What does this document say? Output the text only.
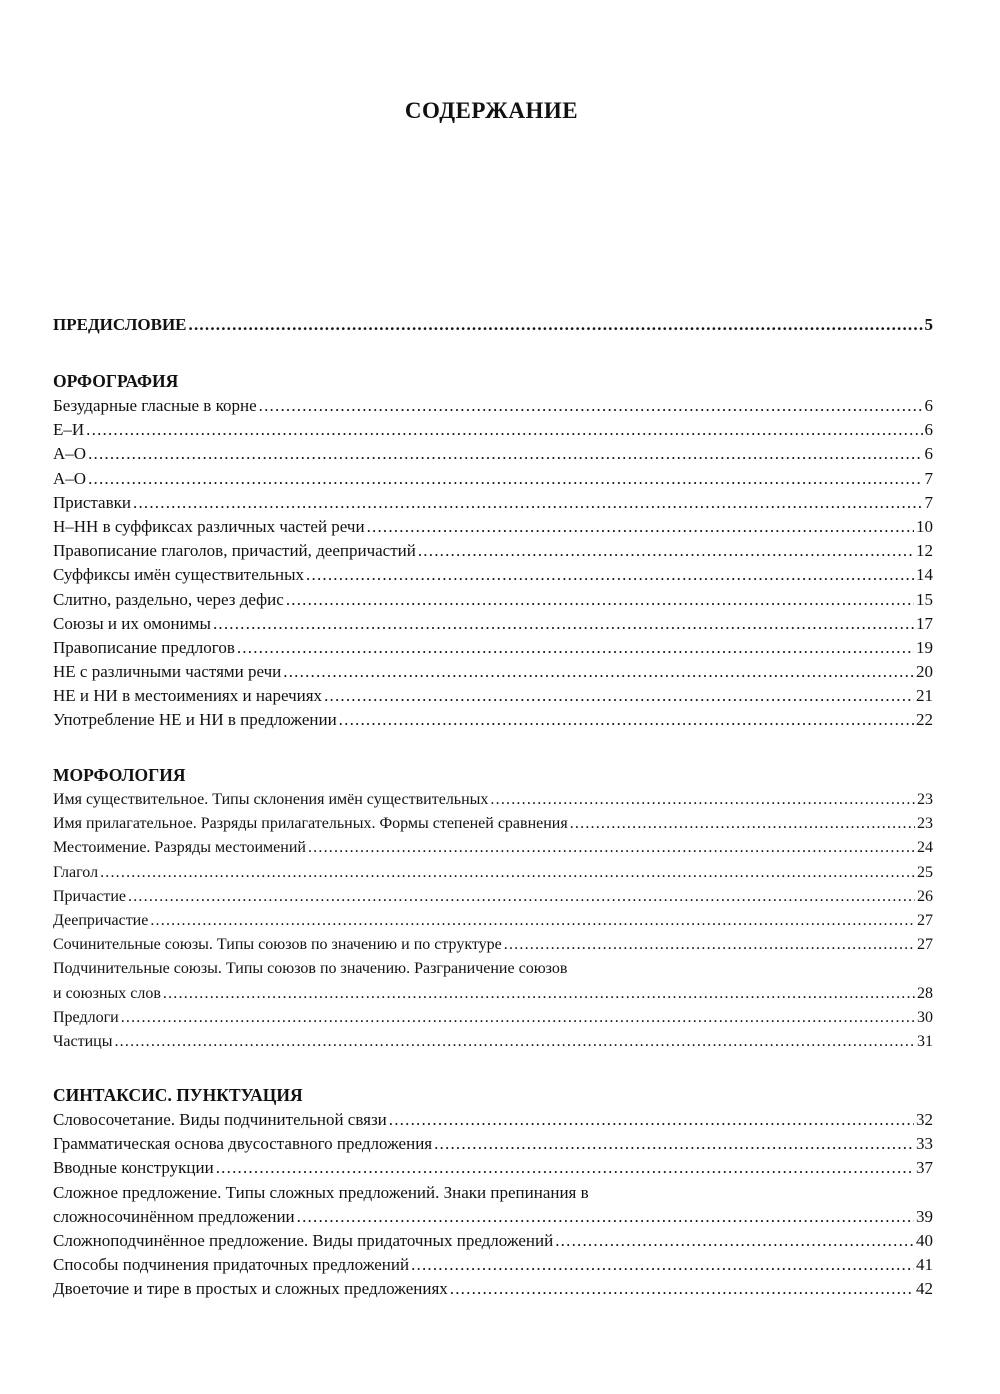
СОДЕРЖАНИЕ
ПРЕДИСЛОВИЕ .....	5
ОРФОГРАФИЯ
Безударные гласные в корне .....	6
Е–И .....	6
А–О .....	6
А–О .....	7
Приставки .....	7
Н–НН в суффиксах различных частей речи .....	10
Правописание глаголов, причастий, деепричастий .....	12
Суффиксы имён существительных .....	14
Слитно, раздельно, через дефис .....	15
Союзы и их омонимы .....	17
Правописание предлогов .....	19
НЕ с различными частями речи .....	20
НЕ и НИ в местоимениях и наречиях .....	21
Употребление НЕ и НИ в предложении .....	22
МОРФОЛОГИЯ
Имя существительное. Типы склонения имён существительных .....	23
Имя прилагательное. Разряды прилагательных. Формы степеней сравнения .....	23
Местоимение. Разряды местоимений .....	24
Глагол .....	25
Причастие .....	26
Деепричастие .....	27
Сочинительные союзы. Типы союзов по значению и по структуре .....	27
Подчинительные союзы. Типы союзов по значению. Разграничение союзов
и союзных слов .....	28
Предлоги .....	30
Частицы .....	31
СИНТАКСИС. ПУНКТУАЦИЯ
Словосочетание. Виды подчинительной связи .....	32
Грамматическая основа двусоставного предложения .....	33
Вводные конструкции .....	37
Сложное предложение. Типы сложных предложений. Знаки препинания в
сложносочинённом предложении .....	39
Сложноподчинённое предложение. Виды придаточных предложений .....	40
Способы подчинения придаточных предложений .....	41
Двоеточие и тире в простых и сложных предложениях .....	42
